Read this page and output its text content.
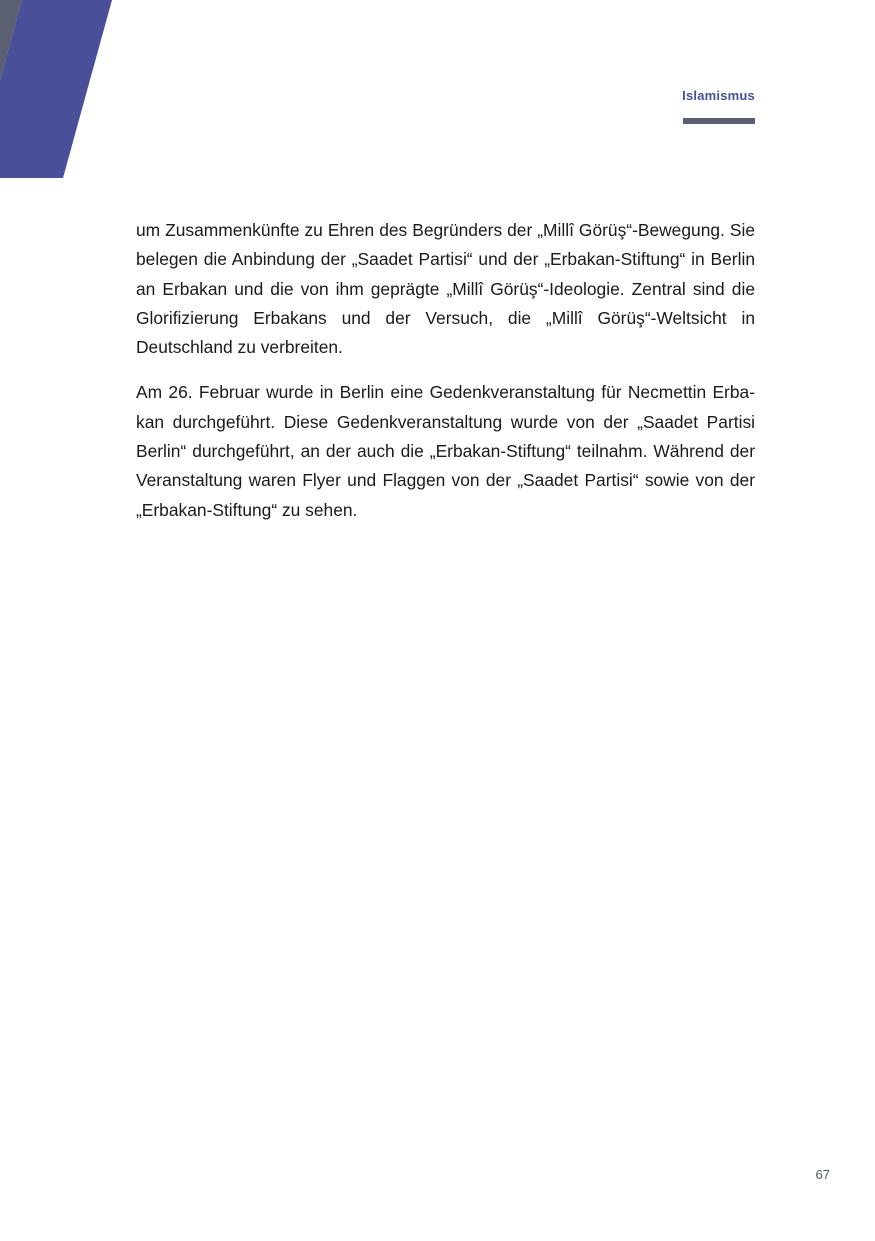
Islamismus

um Zusammenkünfte zu Ehren des Begründers der „Millî Görüş“-Bewegung. Sie belegen die Anbindung der „Saadet Partisi“ und der „Erbakan-Stiftung“ in Berlin an Erbakan und die von ihm geprägte „Millî Görüş“-Ideologie. Zentral sind die Glorifizierung Erbakans und der Versuch, die „Millî Görüş“-Weltsicht in Deutschland zu verbreiten.

Am 26. Februar wurde in Berlin eine Gedenkveranstaltung für Necmettin Erbakan durchgeführt. Diese Gedenkveranstaltung wurde von der „Saadet Partisi Berlin“ durchgeführt, an der auch die „Erbakan-Stiftung“ teilnahm. Während der Veranstaltung waren Flyer und Flaggen von der „Saadet Partisi“ sowie von der „Erbakan-Stiftung“ zu sehen.

67
